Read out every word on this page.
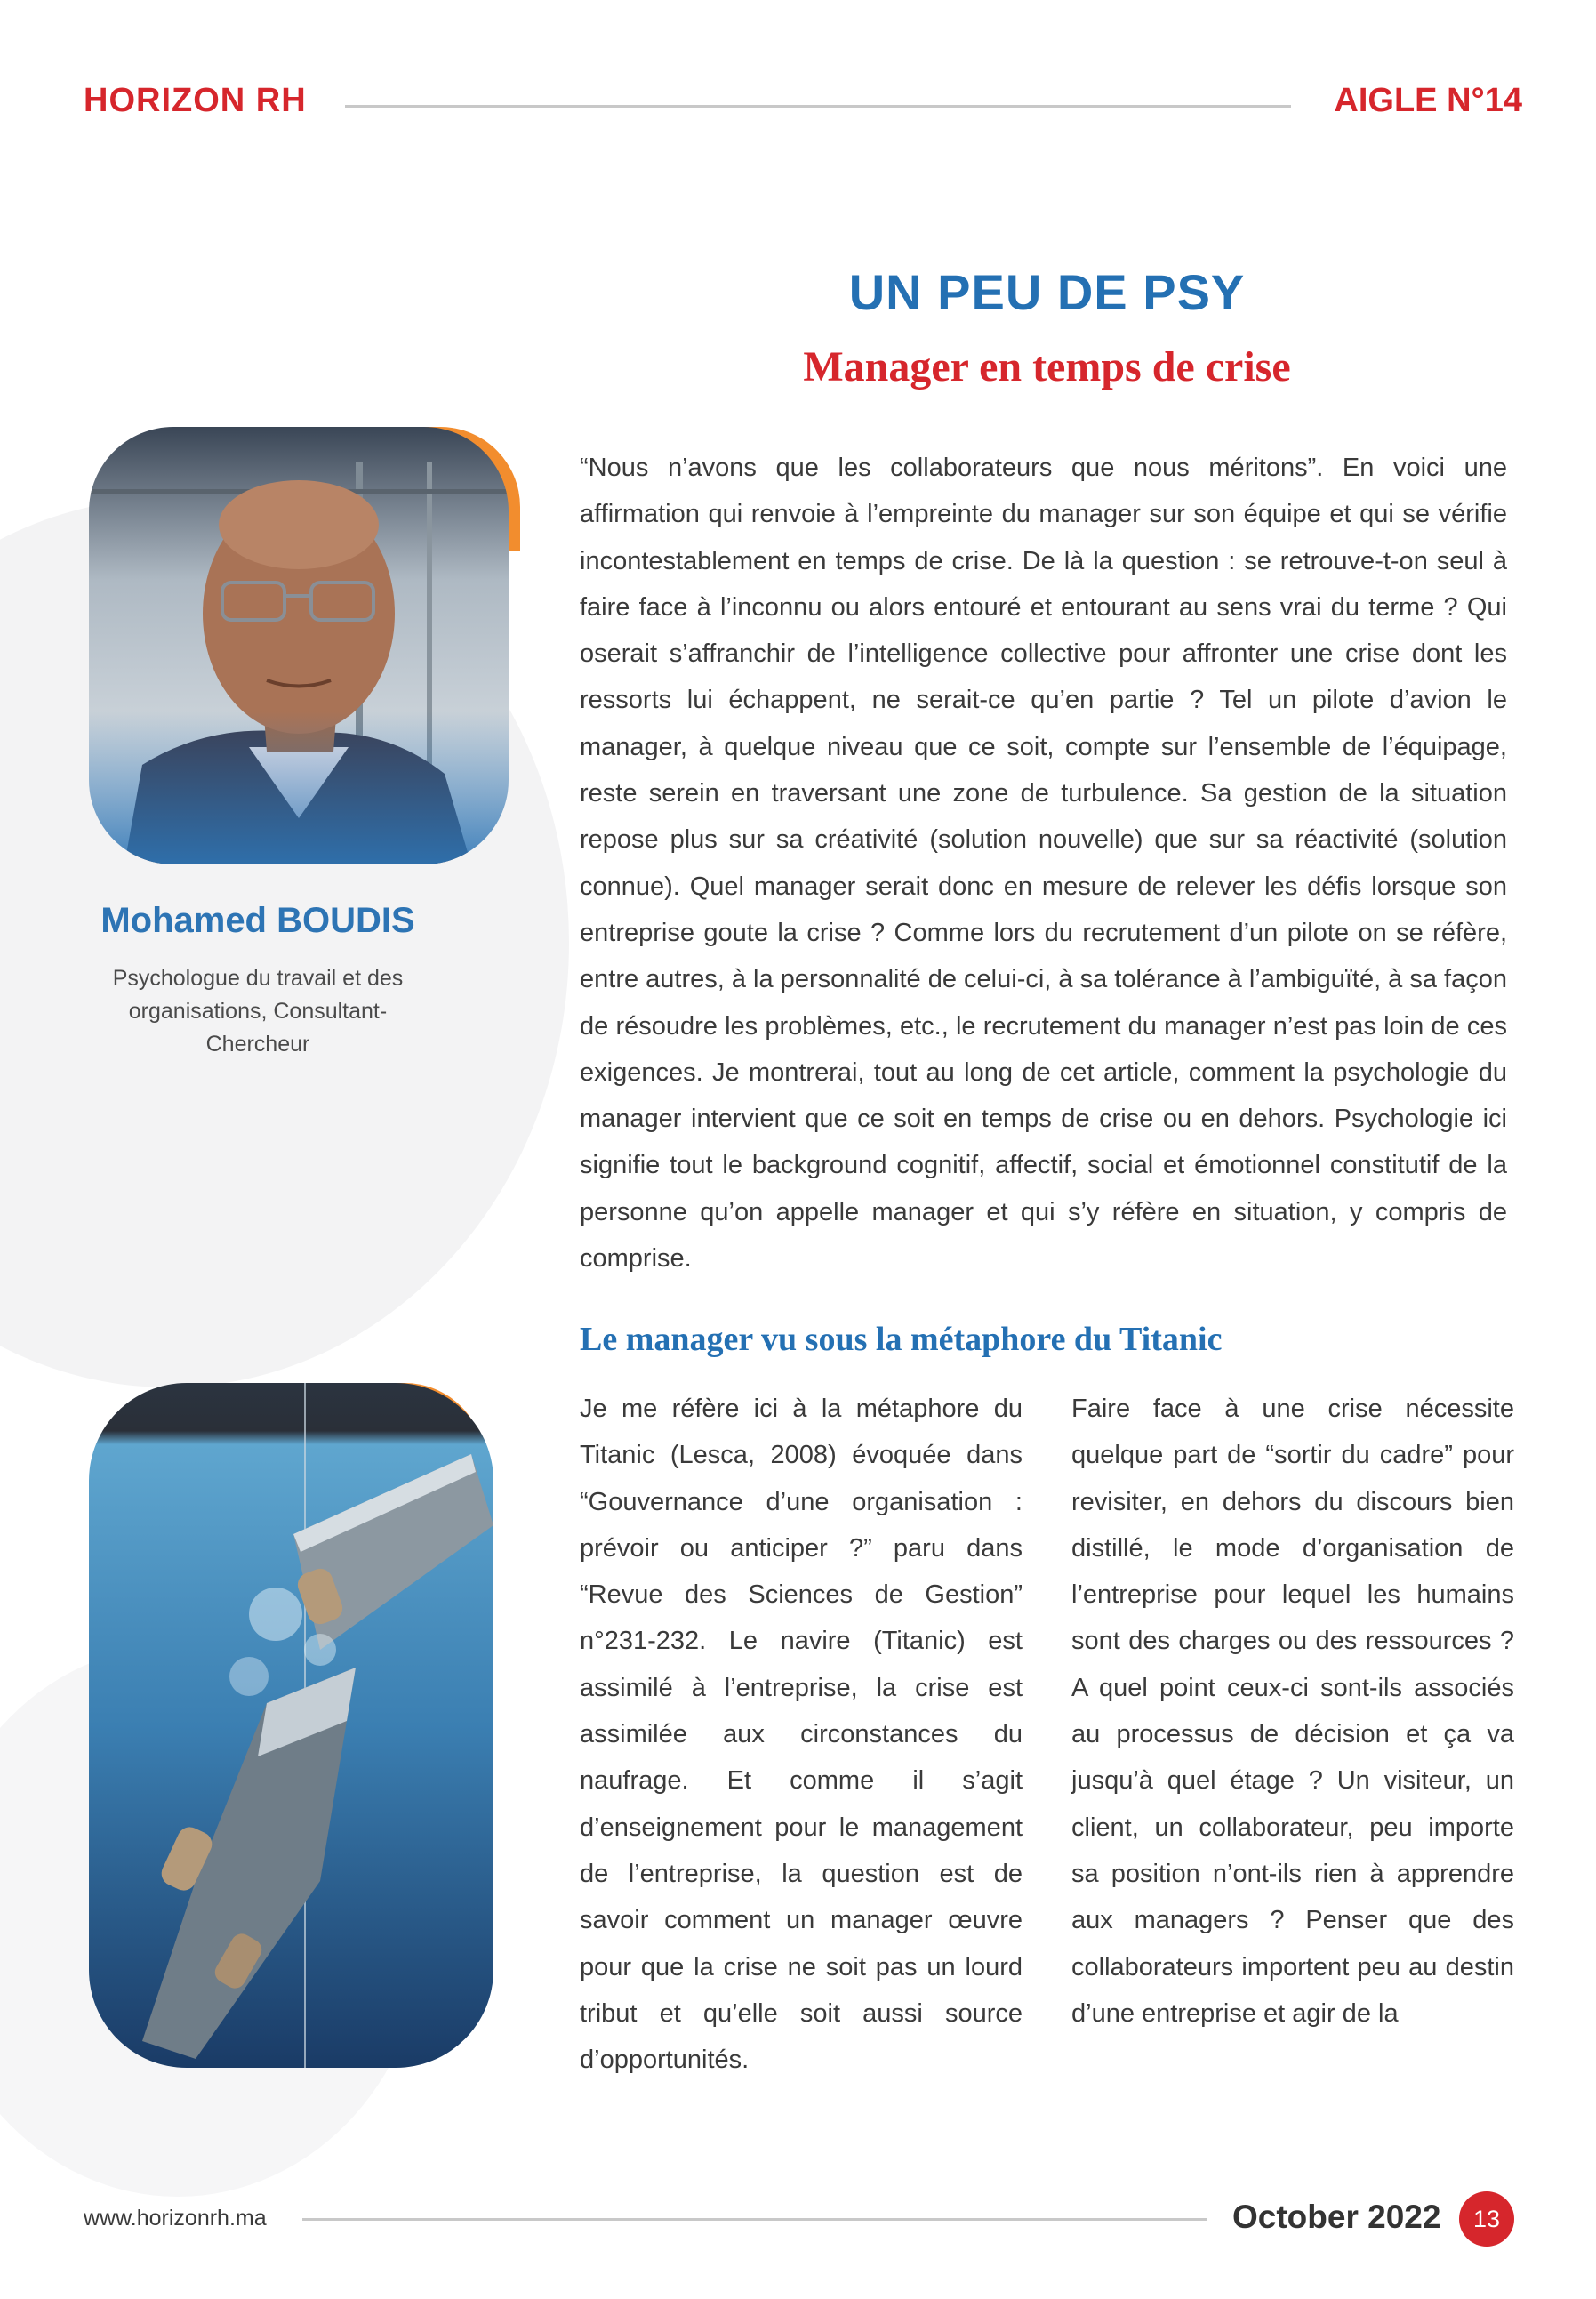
HORIZON RH	AIGLE N°14
UN PEU DE PSY
Manager en temps de crise
Mohamed BOUDIS
Psychologue du travail et des
organisations, Consultant-Chercheur

“Nous n’avons que les collaborateurs que nous méritons”. En voici une affirmation qui renvoie à l’empreinte du manager sur son équipe et qui se vérifie incontestablement en temps de crise. De là la question : se retrouve-t-on seul à faire face à l’inconnu ou alors entouré et entourant au sens vrai du terme ? Qui oserait s’affranchir de l’intelligence collective pour affronter une crise dont les ressorts lui échappent, ne serait-ce qu’en partie ? Tel un pilote d’avion le manager, à quelque niveau que ce soit, compte sur l’ensemble de l’équipage, reste serein en traversant une zone de turbulence. Sa gestion de la situation repose plus sur sa créativité (solution nouvelle) que sur sa réactivité (solution connue). Quel manager serait donc en mesure de relever les défis lorsque son entreprise goute la crise ? Comme lors du recrutement d’un pilote on se réfère, entre autres, à la personnalité de celui-ci, à sa tolérance à l’ambiguïté, à sa façon de résoudre les problèmes, etc., le recrutement du manager n’est pas loin de ces exigences. Je montrerai, tout au long de cet article, comment la psychologie du manager intervient que ce soit en temps de crise ou en dehors. Psychologie ici signifie tout le background cognitif, affectif, social et émotionnel constitutif de la personne qu’on appelle manager et qui s’y réfère en situation, y compris de comprise.

Le manager vu sous la métaphore du Titanic

Je me réfère ici à la métaphore du Titanic (Lesca, 2008) évoquée dans “Gouvernance d’une organisation : prévoir ou anticiper ?” paru dans “Revue des Sciences de Gestion” n°231-232. Le navire (Titanic) est assimilé à l’entreprise, la crise est assimilée aux circonstances du naufrage. Et comme il s’agit d’enseignement pour le management de l’entreprise, la question est de savoir comment un manager œuvre pour que la crise ne soit pas un lourd tribut et qu’elle soit aussi source d’opportunités.

Faire face à une crise nécessite quelque part de “sortir du cadre” pour revisiter, en dehors du discours bien distillé, le mode d’organisation de l’entreprise pour lequel les humains sont des charges ou des ressources ? A quel point ceux-ci sont-ils associés au processus de décision et ça va jusqu’à quel étage ? Un visiteur, un client, un collaborateur, peu importe sa position n’ont-ils rien à apprendre aux managers ? Penser que des collaborateurs importent peu au destin d’une entreprise et agir de la

www.horizonrh.ma	October 2022	13
